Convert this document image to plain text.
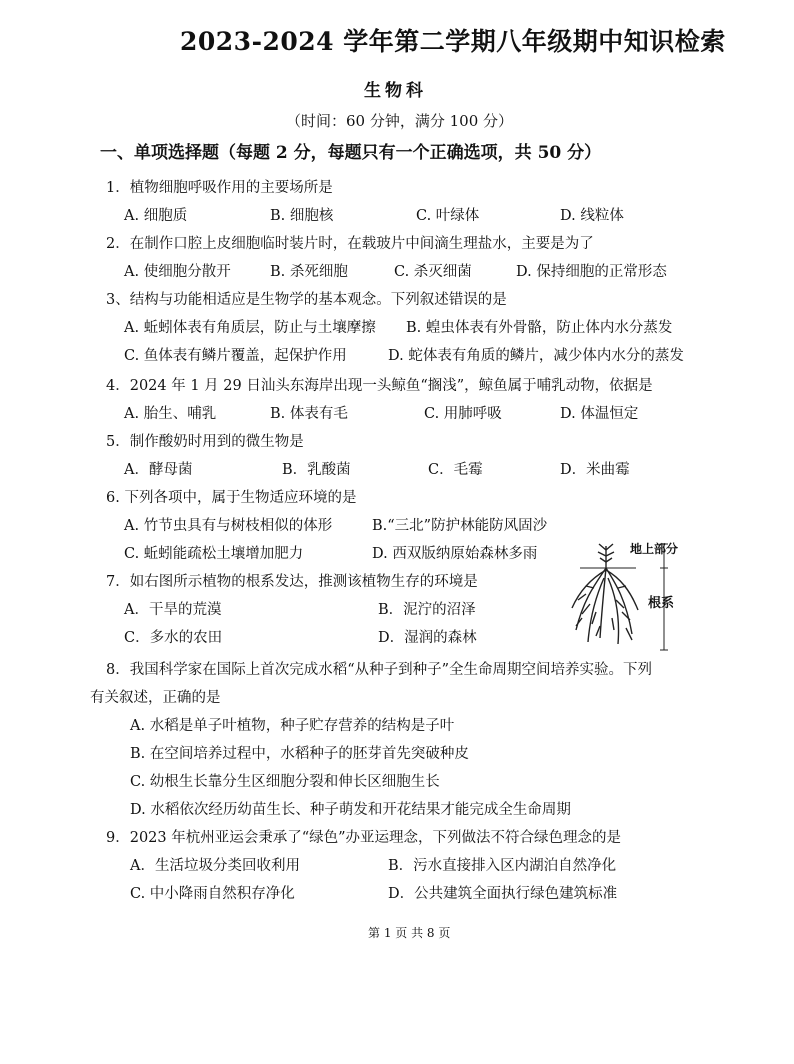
2023-2024 学年第二学期八年级期中知识检索
生物科
（时间：60 分钟，满分 100 分）
一、单项选择题（每题 2 分，每题只有一个正确选项，共 50 分）
1．植物细胞呼吸作用的主要场所是
A. 细胞质	B. 细胞核	C. 叶绿体	D. 线粒体
2．在制作口腔上皮细胞临时装片时，在载玻片中间滴生理盐水，主要是为了
A. 使细胞分散开	B. 杀死细胞	C. 杀灭细菌	D. 保持细胞的正常形态
3、结构与功能相适应是生物学的基本观念。下列叙述错误的是
A. 蚯蚓体表有角质层，防止与土壤摩擦 B. 蝗虫体表有外骨骼，防止体内水分蒸发
C. 鱼体表有鳞片覆盖，起保护作用	D. 蛇体表有角质的鳞片，减少体内水分的蒸发
4．2024 年 1 月 29 日汕头东海岸出现一头鲸鱼“搁浅”，鲸鱼属于哺乳动物，依据是
A. 胎生、哺乳	B. 体表有毛	C. 用肺呼吸	D. 体温恒定
5．制作酸奶时用到的微生物是
A．酵母菌	B．乳酸菌	C．毛霉	D．米曲霉
6. 下列各项中，属于生物适应环境的是
A. 竹节虫具有与树枝相似的体形	B.“三北”防护林能防风固沙
C. 蚯蚓能疏松土壤增加肥力	D. 西双版纳原始森林多雨
7．如右图所示植物的根系发达，推测该植物生存的环境是
A．干旱的荒漠	B．泥泞的沼泽
C．多水的农田	D．湿润的森林
地上部分
根系
8．我国科学家在国际上首次完成水稻“从种子到种子”全生命周期空间培养实验。下列
有关叙述，正确的是
A. 水稻是单子叶植物，种子贮存营养的结构是子叶
B. 在空间培养过程中，水稻种子的胚芽首先突破种皮
C. 幼根生长靠分生区细胞分裂和伸长区细胞生长
D. 水稻依次经历幼苗生长、种子萌发和开花结果才能完成全生命周期
9．2023 年杭州亚运会秉承了“绿色”办亚运理念，下列做法不符合绿色理念的是
A．生活垃圾分类回收利用	B．污水直接排入区内湖泊自然净化
C. 中小降雨自然积存净化	D．公共建筑全面执行绿色建筑标准
第 1 页 共 8 页
